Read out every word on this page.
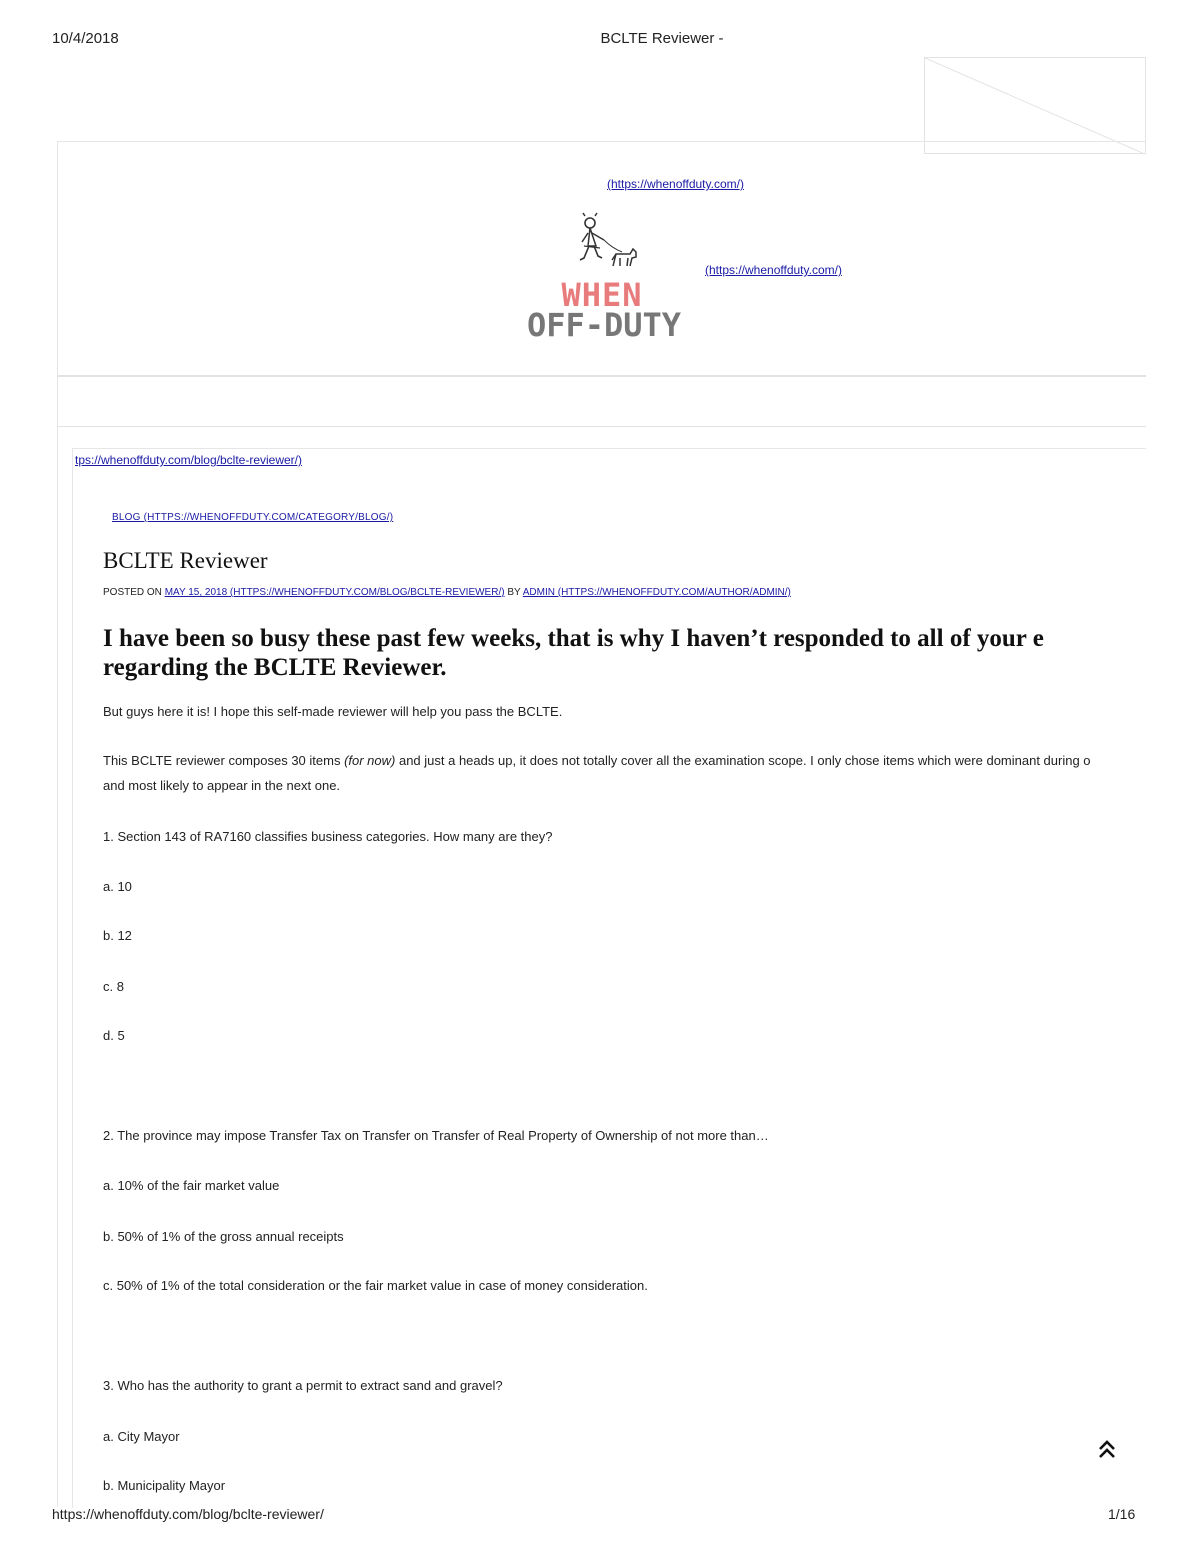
10/4/2018	BCLTE Reviewer -
https://whenoffduty.com/blog/bclte-reviewer/	1/16
(https://whenoffduty.com/)
(https://whenoffduty.com/)
WHEN
OFF-DUTY
tps://whenoffduty.com/blog/bclte-reviewer/)
BLOG (HTTPS://WHENOFFDUTY.COM/CATEGORY/BLOG/)
BCLTE Reviewer
POSTED ON MAY 15, 2018 (HTTPS://WHENOFFDUTY.COM/BLOG/BCLTE-REVIEWER/) BY ADMIN (HTTPS://WHENOFFDUTY.COM/AUTHOR/ADMIN/)
I have been so busy these past few weeks, that is why I haven’t responded to all of your e
regarding the BCLTE Reviewer.
But guys here it is! I hope this self-made reviewer will help you pass the BCLTE.
This BCLTE reviewer composes 30 items (for now) and just a heads up, it does not totally cover all the examination scope. I only chose items which were dominant during o
and most likely to appear in the next one.
1. Section 143 of RA7160 classifies business categories. How many are they?
a. 10
b. 12
c. 8
d. 5
2. The province may impose Transfer Tax on Transfer on Transfer of Real Property of Ownership of not more than…
a. 10% of the fair market value
b. 50% of 1% of the gross annual receipts
c. 50% of 1% of the total consideration or the fair market value in case of money consideration.
3. Who has the authority to grant a permit to extract sand and gravel?
a. City Mayor
b. Municipality Mayor
